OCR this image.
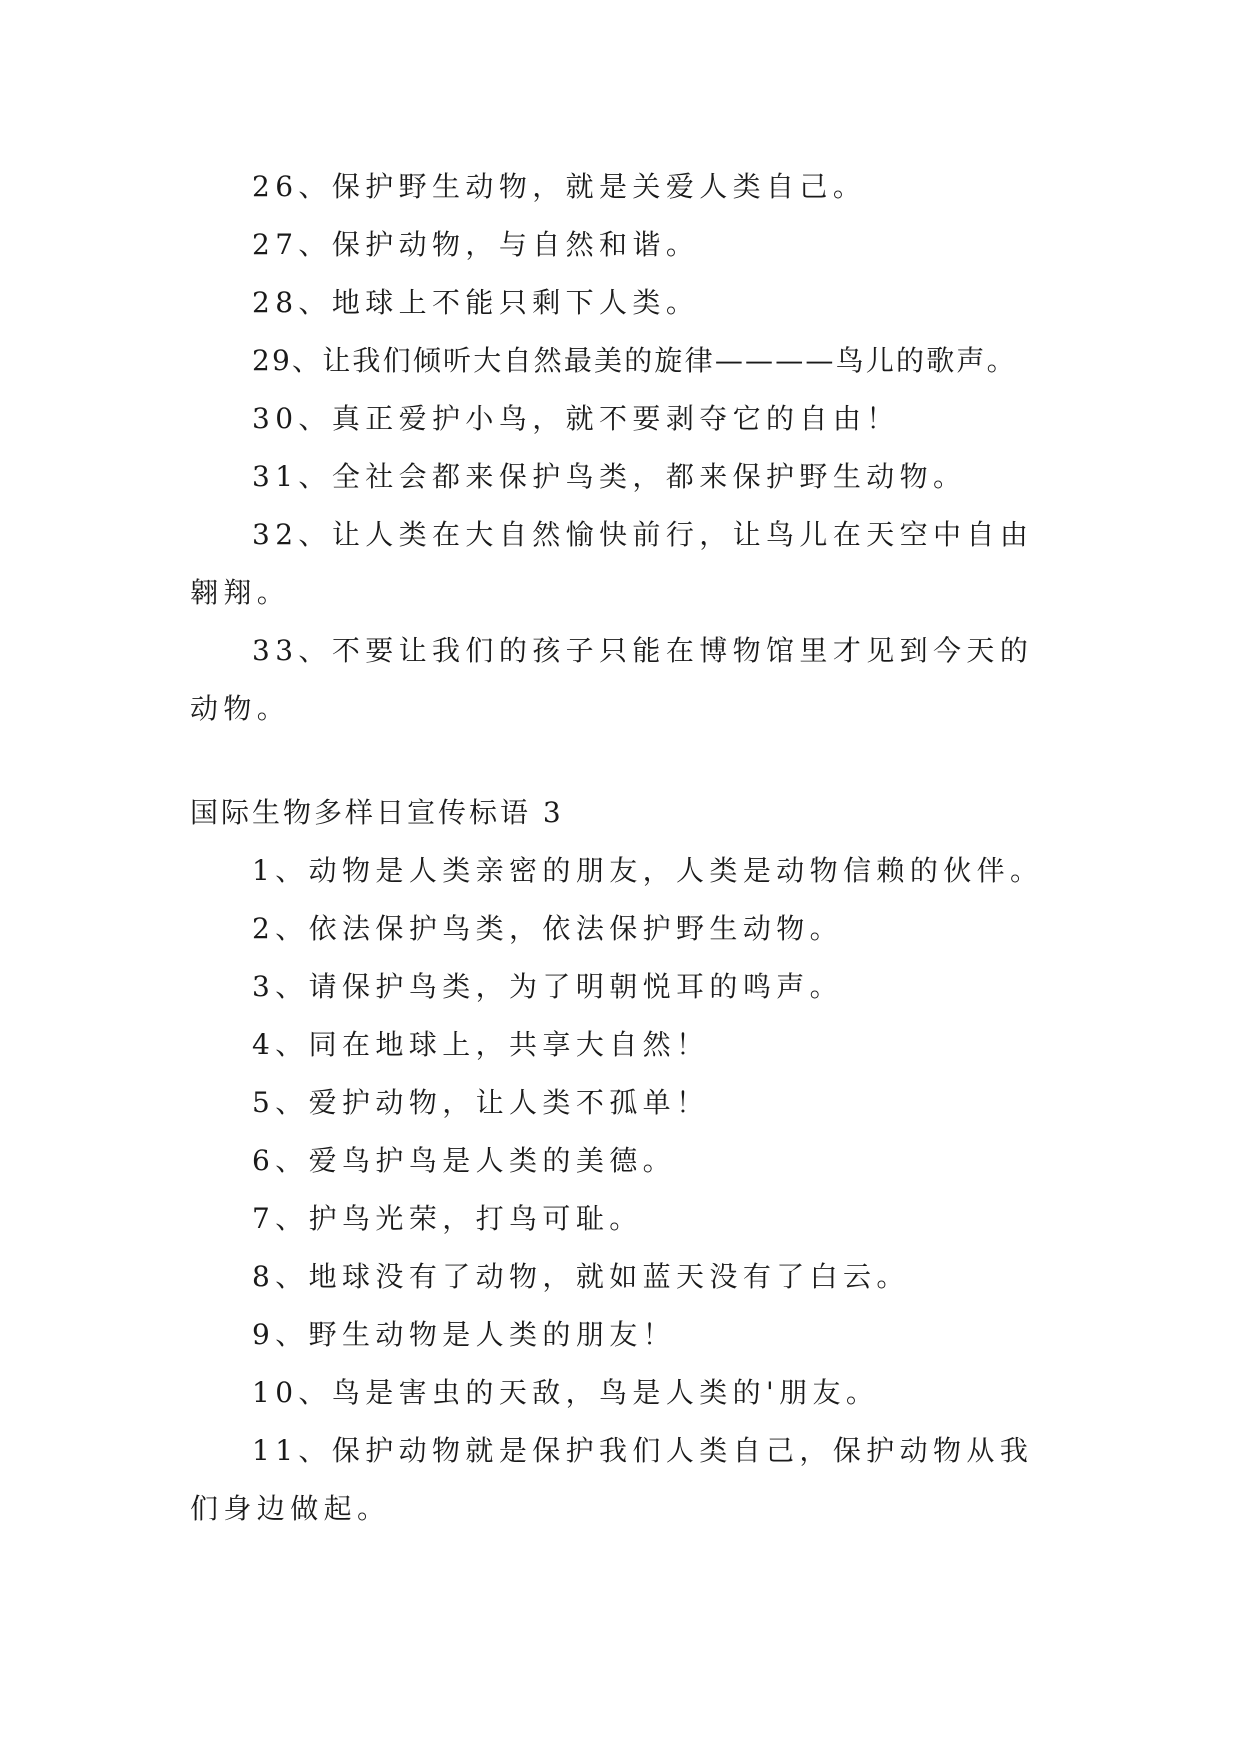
26、保护野生动物，就是关爱人类自己。

27、保护动物，与自然和谐。

28、地球上不能只剩下人类。

29、让我们倾听大自然最美的旋律————鸟儿的歌声。

30、真正爱护小鸟，就不要剥夺它的自由！

31、全社会都来保护鸟类，都来保护野生动物。

32、让人类在大自然愉快前行，让鸟儿在天空中自由翱翔。

33、不要让我们的孩子只能在博物馆里才见到今天的动物。

国际生物多样日宣传标语 3

1、动物是人类亲密的朋友，人类是动物信赖的伙伴。

2、依法保护鸟类，依法保护野生动物。

3、请保护鸟类，为了明朝悦耳的鸣声。

4、同在地球上，共享大自然！

5、爱护动物，让人类不孤单！

6、爱鸟护鸟是人类的美德。

7、护鸟光荣，打鸟可耻。

8、地球没有了动物，就如蓝天没有了白云。

9、野生动物是人类的朋友！

10、鸟是害虫的天敌，鸟是人类的'朋友。

11、保护动物就是保护我们人类自己，保护动物从我们身边做起。
